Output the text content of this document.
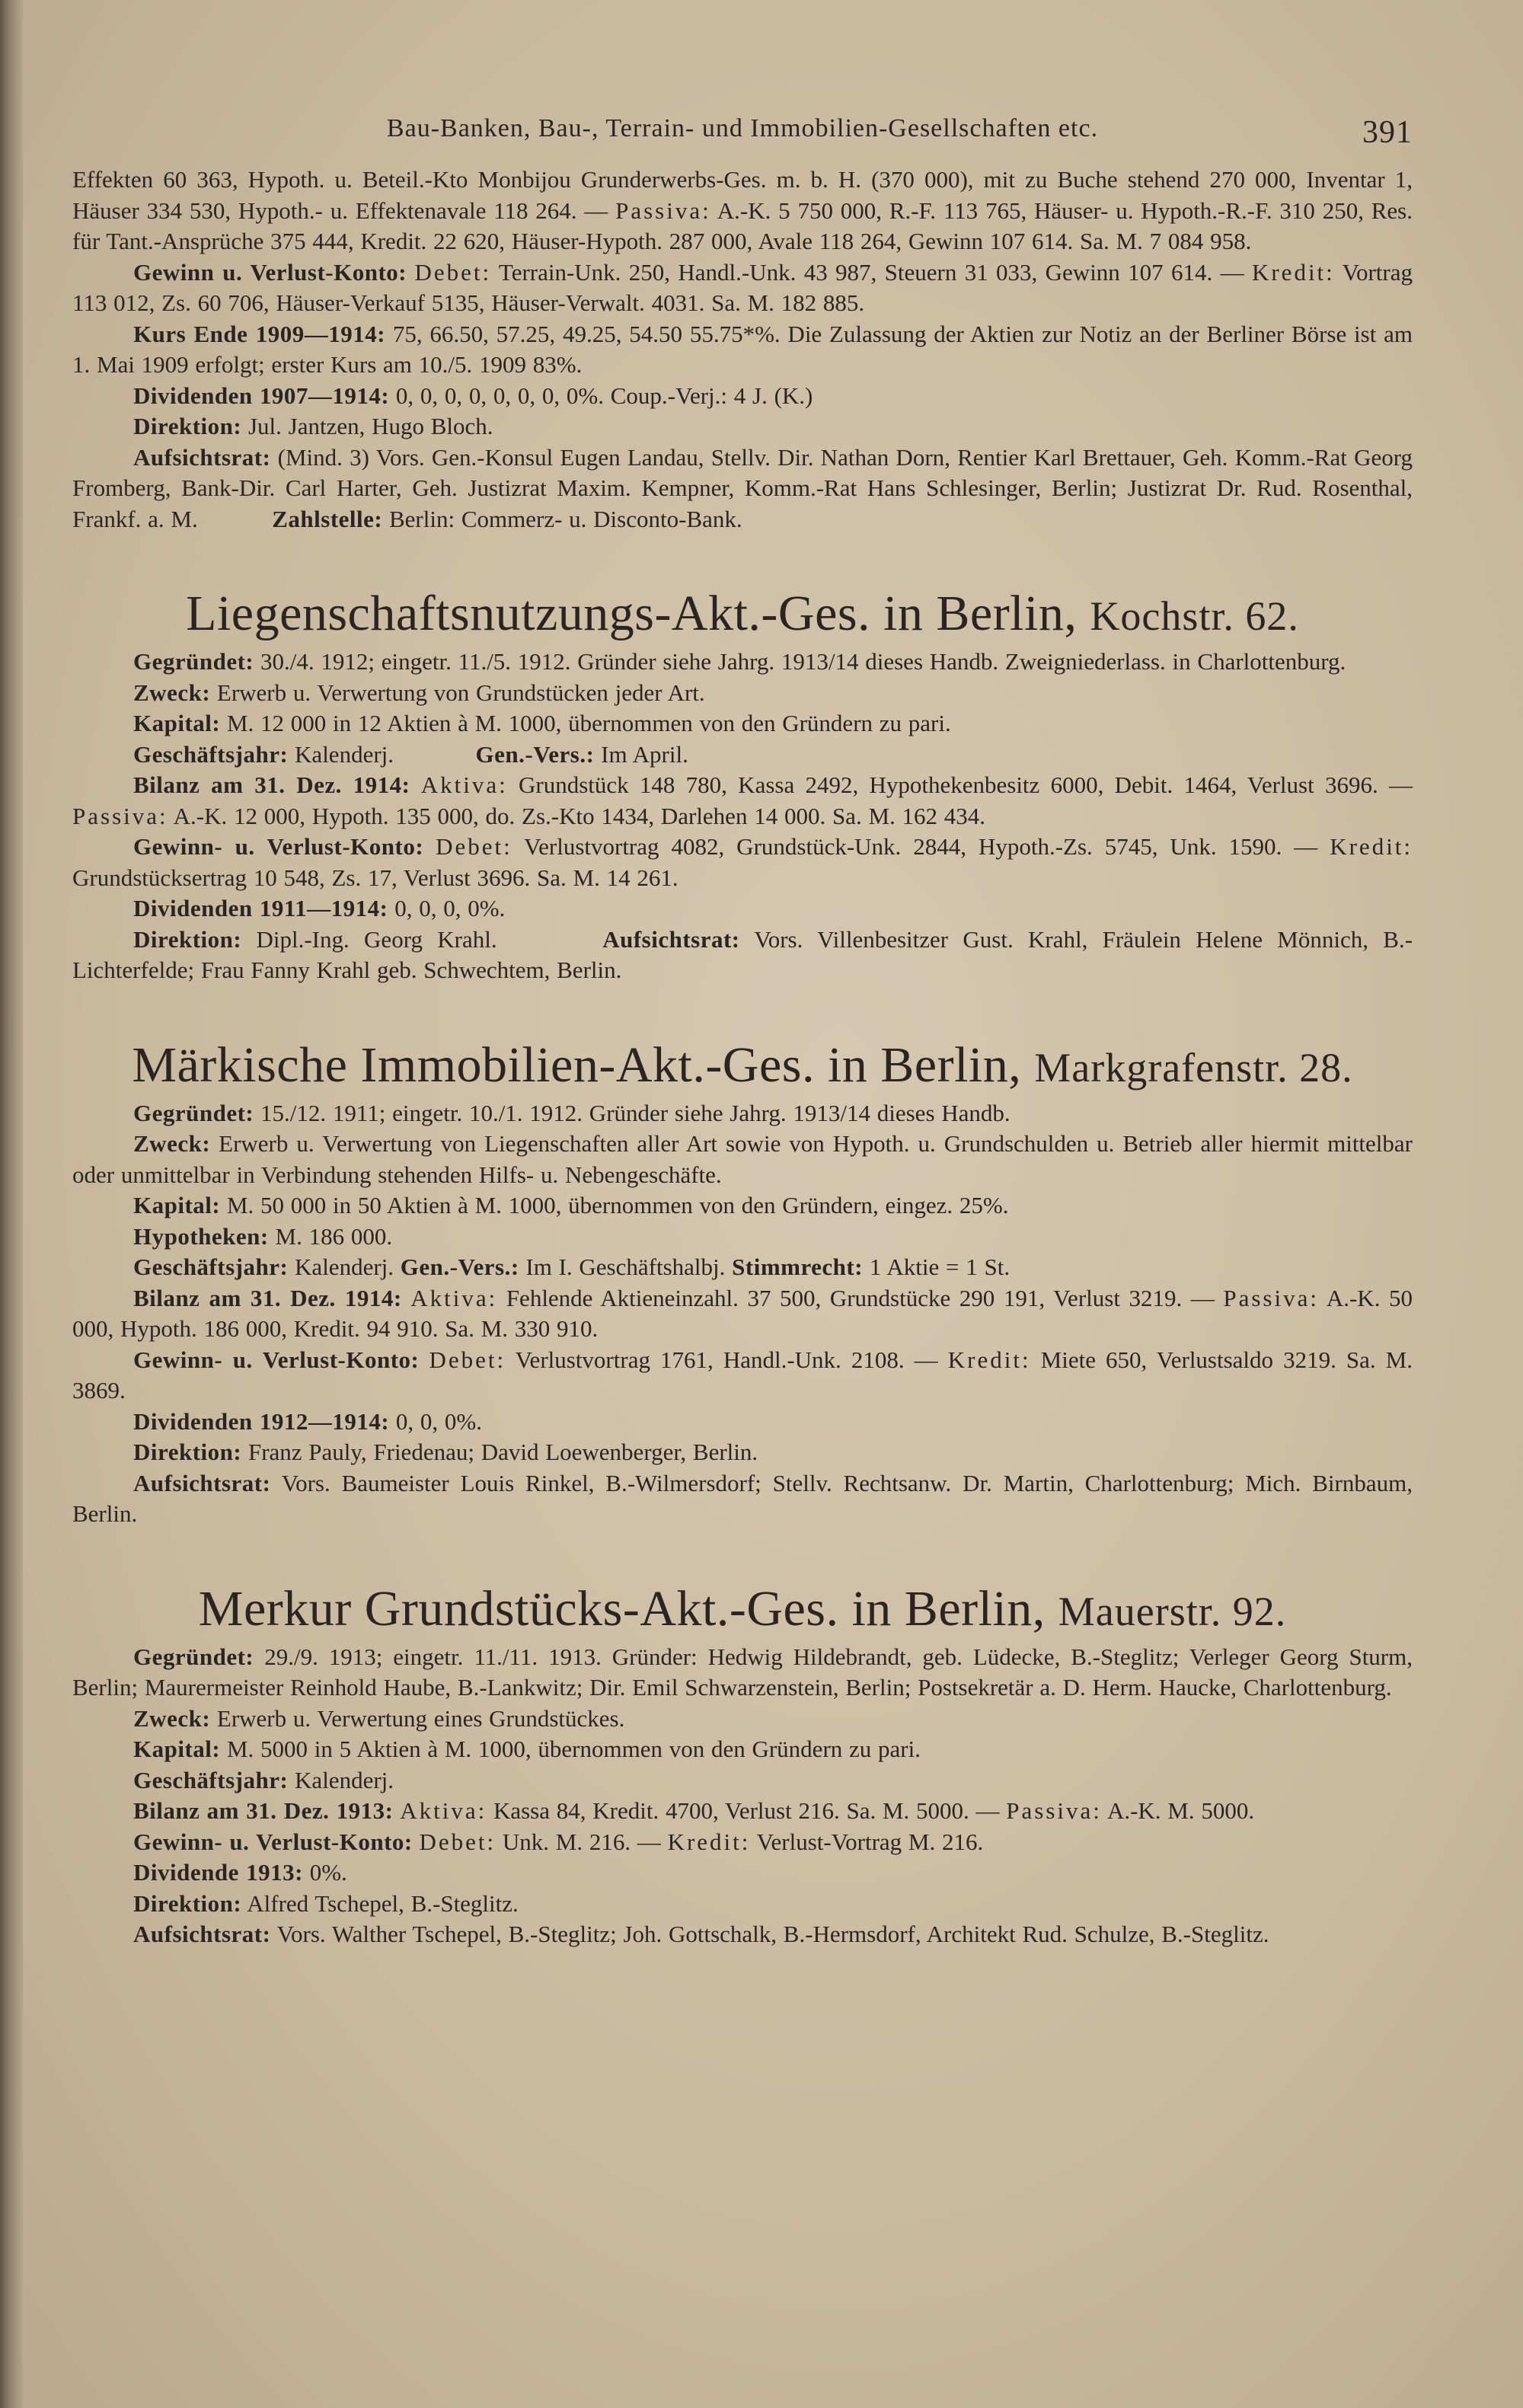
Bau-Banken, Bau-, Terrain- und Immobilien-Gesellschaften etc.	391

Effekten 60 363, Hypoth. u. Beteil.-Kto Monbijou Grunderwerbs-Ges. m. b. H. (370 000), mit zu Buche stehend 270 000, Inventar 1, Häuser 334 530, Hypoth.- u. Effektenavale 118 264. — Passiva: A.-K. 5 750 000, R.-F. 113 765, Häuser- u. Hypoth.-R.-F. 310 250, Res. für Tant.-Ansprüche 375 444, Kredit. 22 620, Häuser-Hypoth. 287 000, Avale 118 264, Gewinn 107 614. Sa. M. 7 084 958.

Gewinn u. Verlust-Konto: Debet: Terrain-Unk. 250, Handl.-Unk. 43 987, Steuern 31 033, Gewinn 107 614. — Kredit: Vortrag 113 012, Zs. 60 706, Häuser-Verkauf 5135, Häuser-Verwalt. 4031. Sa. M. 182 885.

Kurs Ende 1909—1914: 75, 66.50, 57.25, 49.25, 54.50 55.75*%. Die Zulassung der Aktien zur Notiz an der Berliner Börse ist am 1. Mai 1909 erfolgt; erster Kurs am 10./5. 1909 83%.

Dividenden 1907—1914: 0, 0, 0, 0, 0, 0, 0, 0%. Coup.-Verj.: 4 J. (K.)

Direktion: Jul. Jantzen, Hugo Bloch.

Aufsichtsrat: (Mind. 3) Vors. Gen.-Konsul Eugen Landau, Stellv. Dir. Nathan Dorn, Rentier Karl Brettauer, Geh. Komm.-Rat Georg Fromberg, Bank-Dir. Carl Harter, Geh. Justizrat Maxim. Kempner, Komm.-Rat Hans Schlesinger, Berlin; Justizrat Dr. Rud. Rosenthal, Frankf. a. M.	Zahlstelle: Berlin: Commerz- u. Disconto-Bank.

Liegenschaftsnutzungs-Akt.-Ges. in Berlin, Kochstr. 62.

Gegründet: 30./4. 1912; eingetr. 11./5. 1912. Gründer siehe Jahrg. 1913/14 dieses Handb. Zweigniederlass. in Charlottenburg.

Zweck: Erwerb u. Verwertung von Grundstücken jeder Art.

Kapital: M. 12 000 in 12 Aktien à M. 1000, übernommen von den Gründern zu pari.

Geschäftsjahr: Kalenderj.	Gen.-Vers.: Im April.

Bilanz am 31. Dez. 1914: Aktiva: Grundstück 148 780, Kassa 2492, Hypothekenbesitz 6000, Debit. 1464, Verlust 3696. — Passiva: A.-K. 12 000, Hypoth. 135 000, do. Zs.-Kto 1434, Darlehen 14 000. Sa. M. 162 434.

Gewinn- u. Verlust-Konto: Debet: Verlustvortrag 4082, Grundstück-Unk. 2844, Hypoth.-Zs. 5745, Unk. 1590. — Kredit: Grundstücksertrag 10 548, Zs. 17, Verlust 3696. Sa. M. 14 261.

Dividenden 1911—1914: 0, 0, 0, 0%.

Direktion: Dipl.-Ing. Georg Krahl.	Aufsichtsrat: Vors. Villenbesitzer Gust. Krahl, Fräulein Helene Mönnich, B.-Lichterfelde; Frau Fanny Krahl geb. Schwechtem, Berlin.

Märkische Immobilien-Akt.-Ges. in Berlin, Markgrafenstr. 28.

Gegründet: 15./12. 1911; eingetr. 10./1. 1912. Gründer siehe Jahrg. 1913/14 dieses Handb.

Zweck: Erwerb u. Verwertung von Liegenschaften aller Art sowie von Hypoth. u. Grundschulden u. Betrieb aller hiermit mittelbar oder unmittelbar in Verbindung stehenden Hilfs- u. Nebengeschäfte.

Kapital: M. 50 000 in 50 Aktien à M. 1000, übernommen von den Gründern, eingez. 25%.

Hypotheken: M. 186 000.

Geschäftsjahr: Kalenderj. Gen.-Vers.: Im I. Geschäftshalbj. Stimmrecht: 1 Aktie = 1 St.

Bilanz am 31. Dez. 1914: Aktiva: Fehlende Aktieneinzahl. 37 500, Grundstücke 290 191, Verlust 3219. — Passiva: A.-K. 50 000, Hypoth. 186 000, Kredit. 94 910. Sa. M. 330 910.

Gewinn- u. Verlust-Konto: Debet: Verlustvortrag 1761, Handl.-Unk. 2108. — Kredit: Miete 650, Verlustsaldo 3219. Sa. M. 3869.

Dividenden 1912—1914: 0, 0, 0%.

Direktion: Franz Pauly, Friedenau; David Loewenberger, Berlin.

Aufsichtsrat: Vors. Baumeister Louis Rinkel, B.-Wilmersdorf; Stellv. Rechtsanw. Dr. Martin, Charlottenburg; Mich. Birnbaum, Berlin.

Merkur Grundstücks-Akt.-Ges. in Berlin, Mauerstr. 92.

Gegründet: 29./9. 1913; eingetr. 11./11. 1913. Gründer: Hedwig Hildebrandt, geb. Lüdecke, B.-Steglitz; Verleger Georg Sturm, Berlin; Maurermeister Reinhold Haube, B.-Lankwitz; Dir. Emil Schwarzenstein, Berlin; Postsekretär a. D. Herm. Haucke, Charlottenburg.

Zweck: Erwerb u. Verwertung eines Grundstückes.

Kapital: M. 5000 in 5 Aktien à M. 1000, übernommen von den Gründern zu pari.

Geschäftsjahr: Kalenderj.

Bilanz am 31. Dez. 1913: Aktiva: Kassa 84, Kredit. 4700, Verlust 216. Sa. M. 5000. — Passiva: A.-K. M. 5000.

Gewinn- u. Verlust-Konto: Debet: Unk. M. 216. — Kredit: Verlust-Vortrag M. 216.

Dividende 1913: 0%.

Direktion: Alfred Tschepel, B.-Steglitz.

Aufsichtsrat: Vors. Walther Tschepel, B.-Steglitz; Joh. Gottschalk, B.-Hermsdorf, Architekt Rud. Schulze, B.-Steglitz.
